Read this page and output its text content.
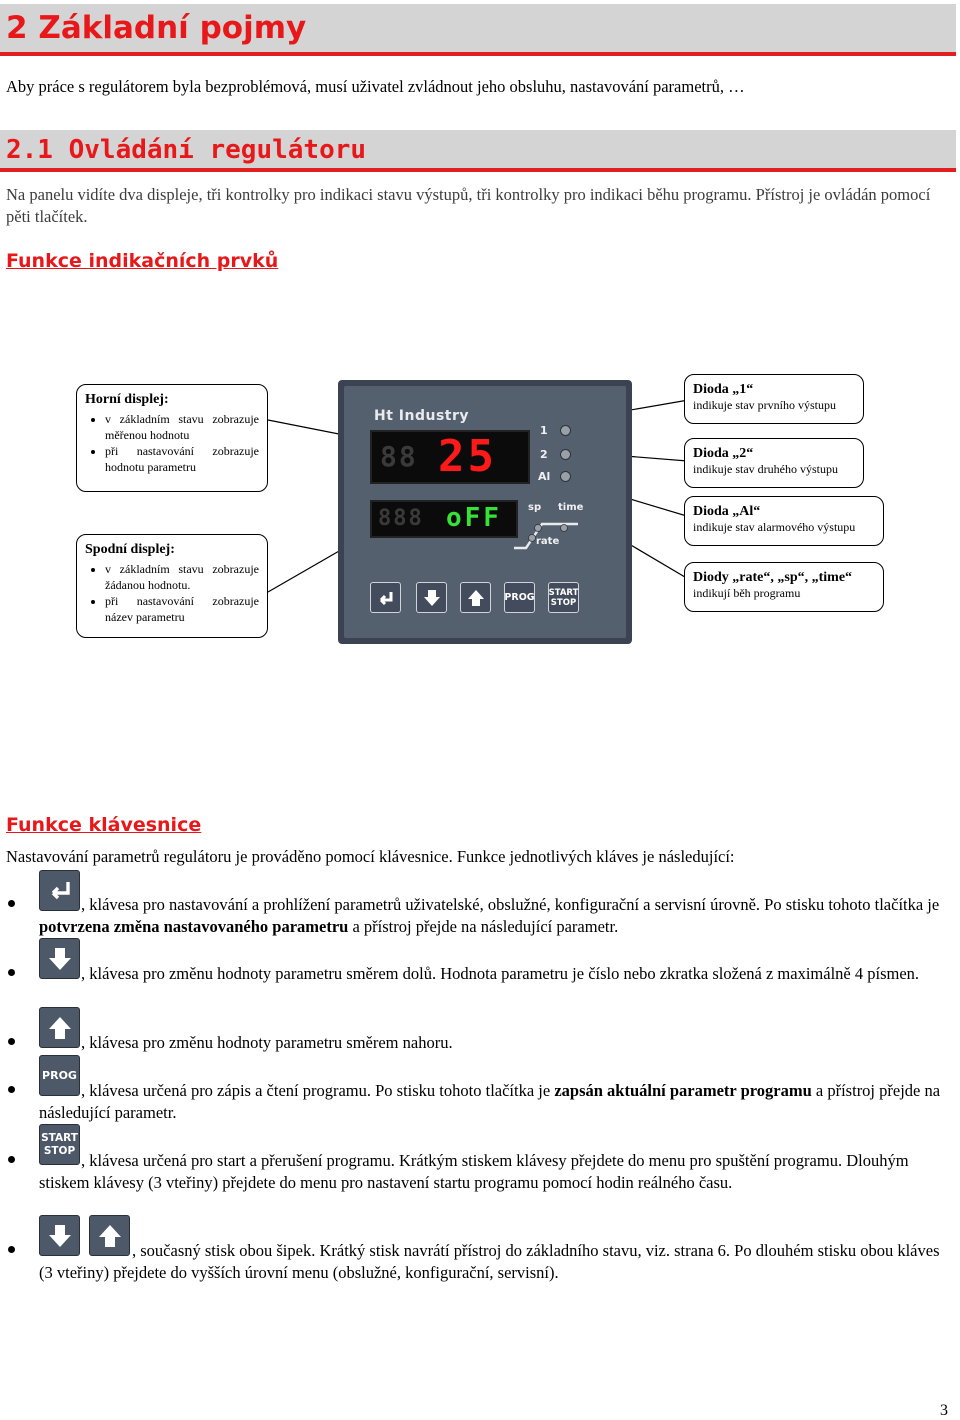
2 Základní pojmy
Aby práce s regulátorem byla bezproblémová, musí uživatel zvládnout jeho obsluhu, nastavování parametrů, …
2.1 Ovládání regulátoru
Na panelu vidíte dva displeje, tři kontrolky pro indikaci stavu výstupů, tři kontrolky pro indikaci běhu programu. Přístroj je ovládán pomocí pěti tlačítek.
Funkce indikačních prvků
Horní displej:
• v základním stavu zobrazuje měřenou hodnotu
• při nastavování zobrazuje hodnotu parametru
Spodní displej:
• v základním stavu zobrazuje žádanou hodnotu.
• při nastavování zobrazuje název parametru
Dioda „1“
indikuje stav prvního výstupu
Dioda „2“
indikuje stav druhého výstupu
Dioda „Al“
indikuje stav alarmového výstupu
Diody „rate“, „sp“, „time“
indikují běh programu
Ht Industry
88 25
1
2
Al
888 oFF	sp time
rate
PROG START
STOP
Funkce klávesnice
Nastavování parametrů regulátoru je prováděno pomocí klávesnice. Funkce jednotlivých kláves je následující:
, klávesa pro nastavování a prohlížení parametrů uživatelské, obslužné, konfigurační a servisní úrovně. Po stisku tohoto tlačítka je potvrzena změna nastavovaného parametru a přístroj přejde na následující parametr.
, klávesa pro změnu hodnoty parametru směrem dolů. Hodnota parametru je číslo nebo zkratka složená z maximálně 4 písmen.
, klávesa pro změnu hodnoty parametru směrem nahoru.
PROG
, klávesa určená pro zápis a čtení programu. Po stisku tohoto tlačítka je zapsán aktuální parametr programu a přístroj přejde na následující parametr.
START
STOP
, klávesa určená pro start a přerušení programu. Krátkým stiskem klávesy přejdete do menu pro spuštění programu. Dlouhým stiskem klávesy (3 vteřiny) přejdete do menu pro nastavení startu programu pomocí hodin reálného času.
, současný stisk obou šipek. Krátký stisk navrátí přístroj do základního stavu, viz. strana 6. Po dlouhém stisku obou kláves (3 vteřiny) přejdete do vyšších úrovní menu (obslužné, konfigurační, servisní).
3
